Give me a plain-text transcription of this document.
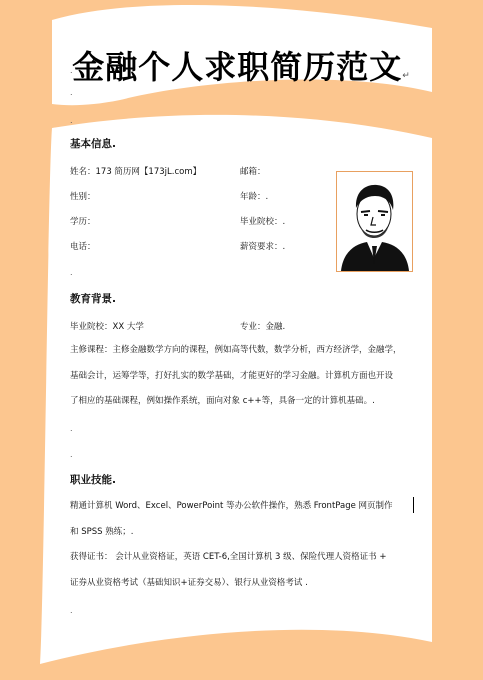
金融个人求职简历范文↵
.
.
.
基本信息.
姓名：173 简历网【173jL.com】	邮箱：
性别：	年龄：.
学历：	毕业院校：.
电话：	薪资要求：.
.
教育背景.
毕业院校：XX 大学	专业：金融.
主修课程：主修金融数学方向的课程，例如高等代数，数学分析，西方经济学，金融学，
基础会计，运筹学等，打好扎实的数学基础，才能更好的学习金融。计算机方面也开设
了相应的基础课程，例如操作系统，面向对象 c++等，具备一定的计算机基础。.
.
.
职业技能.
精通计算机 Word、Excel、PowerPoint 等办公软件操作，熟悉 FrontPage 网页制作
和 SPSS 熟练；.
获得证书： 会计从业资格证，英语 CET-6,全国计算机 3 级、保险代理人资格证书 +
证券从业资格考试（基础知识+证券交易）、银行从业资格考试 .
.
